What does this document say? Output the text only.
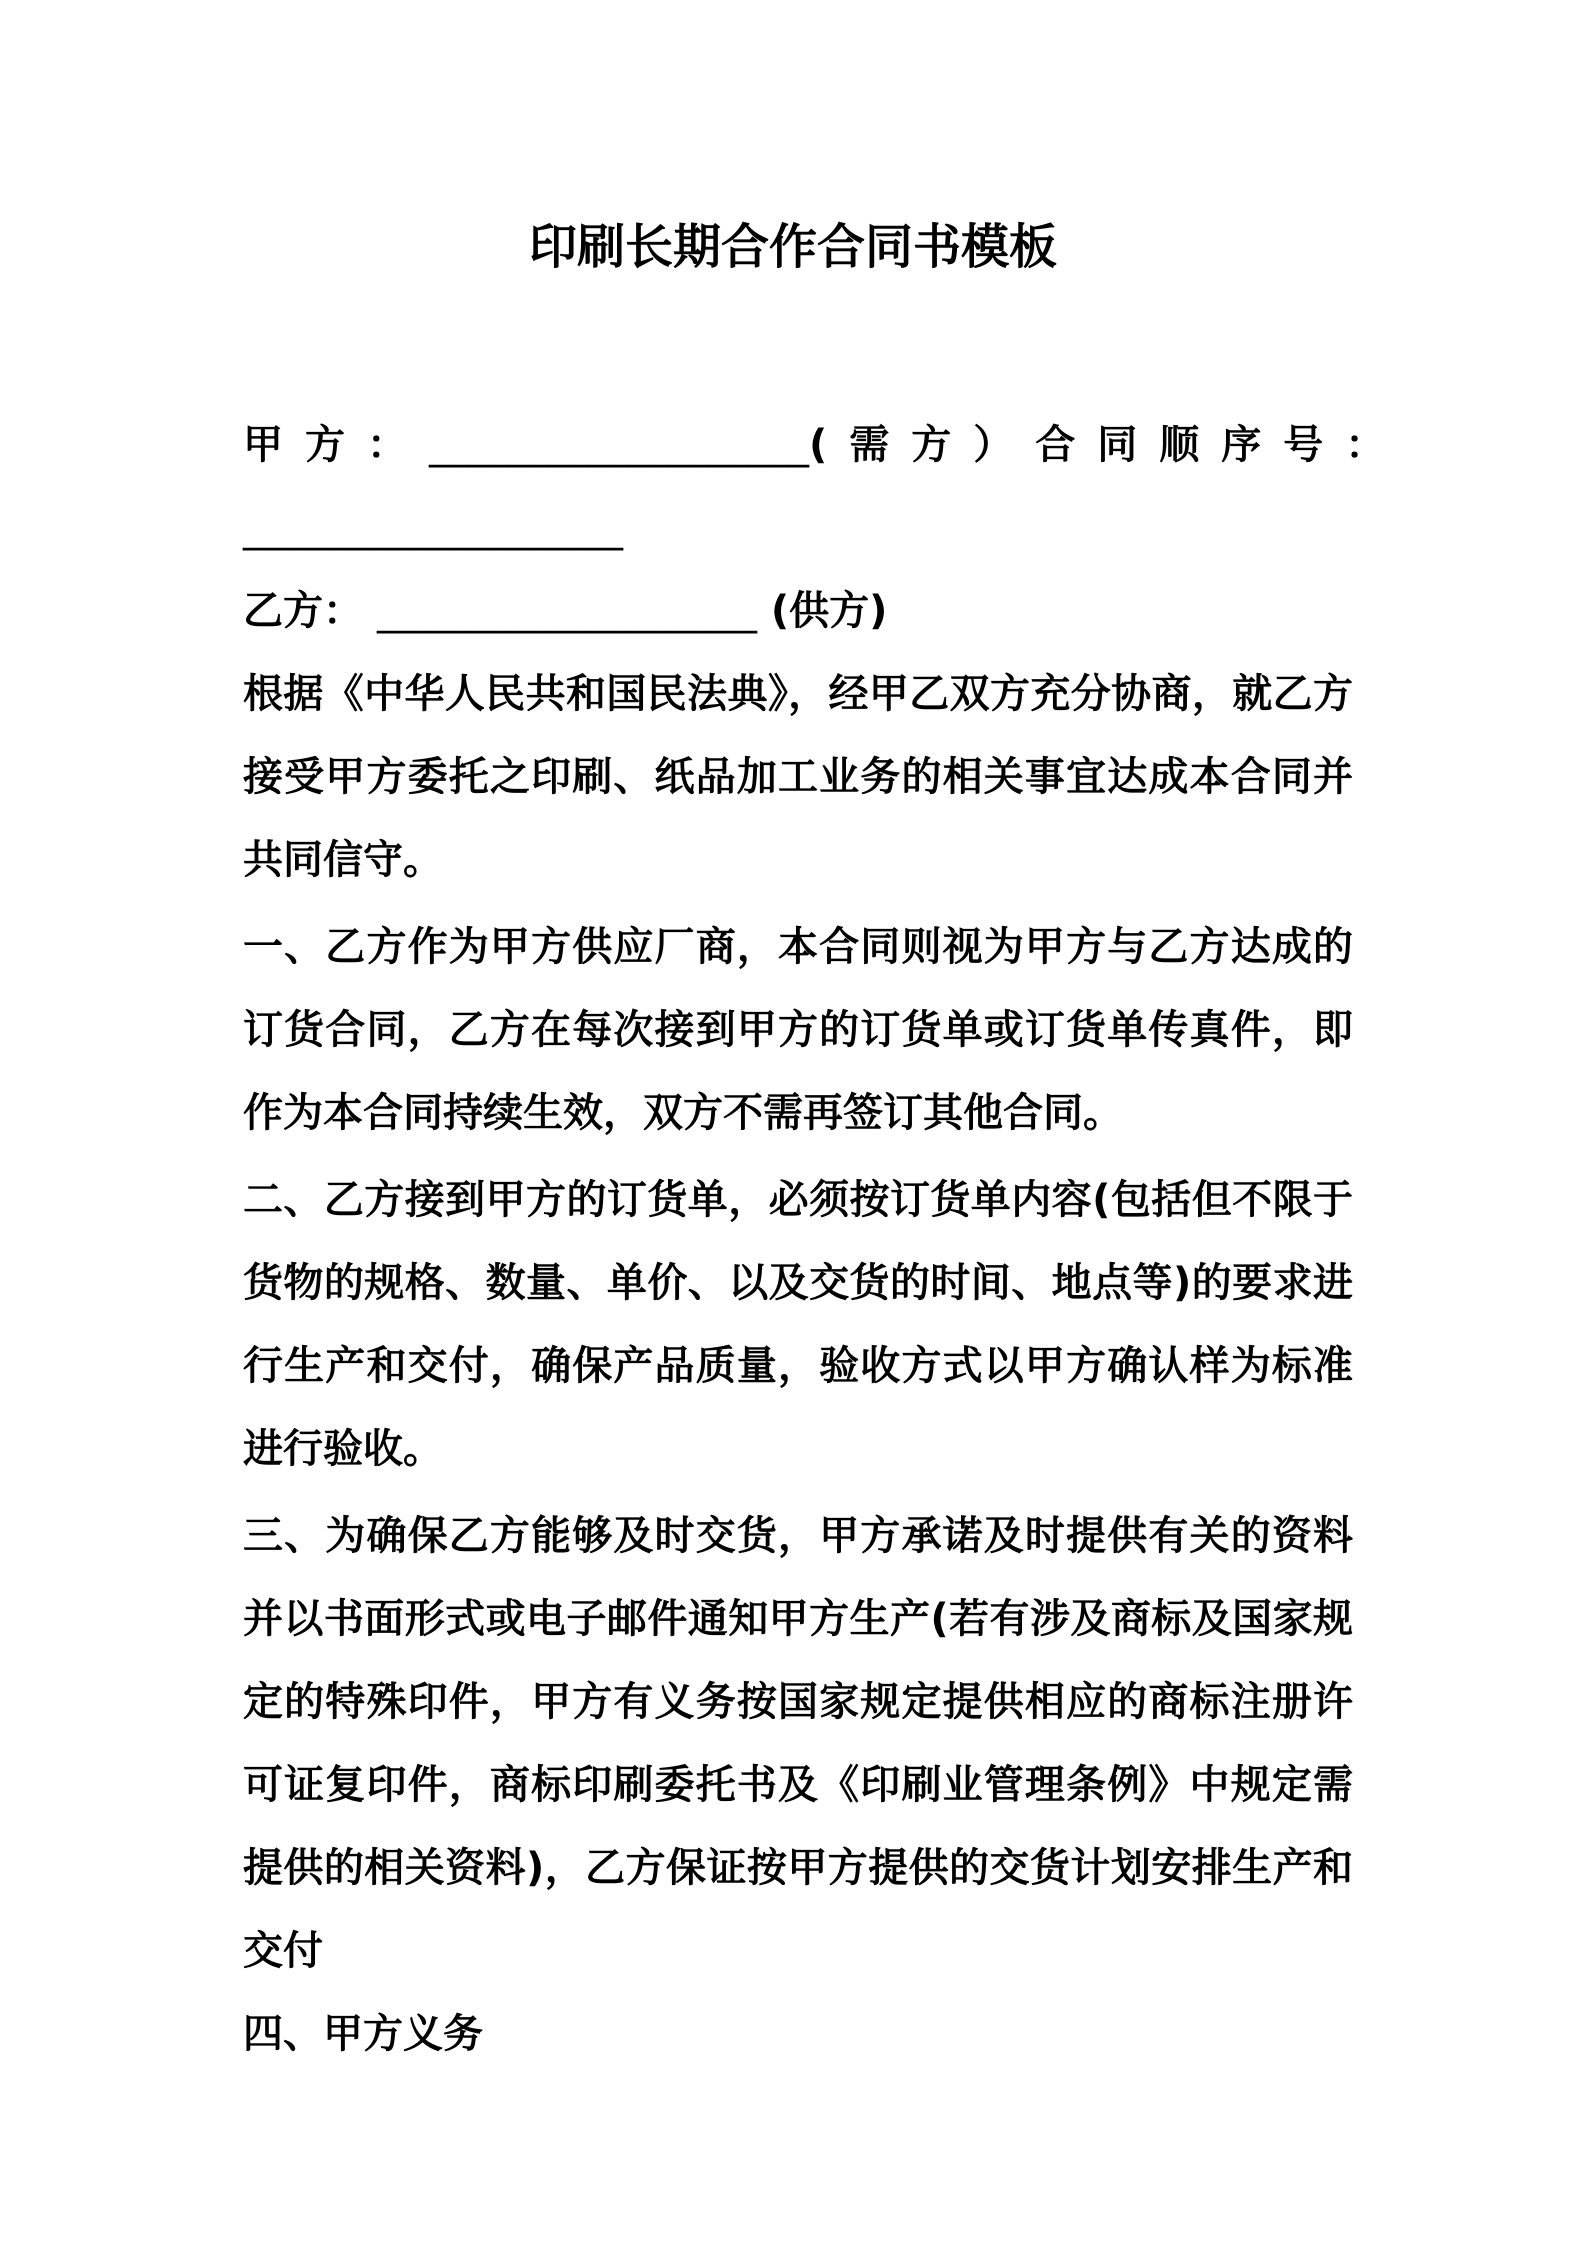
印刷长期合作合同书模板
甲方： ___________________ (需方） 合同顺序号：
___________________
乙方： ___________________ (供方)
根据《中华人民共和国民法典》，经甲乙双方充分协商，就乙方接受甲方委托之印刷、纸品加工业务的相关事宜达成本合同并共同信守。
一、乙方作为甲方供应厂商，本合同则视为甲方与乙方达成的订货合同，乙方在每次接到甲方的订货单或订货单传真件，即作为本合同持续生效，双方不需再签订其他合同。
二、乙方接到甲方的订货单，必须按订货单内容(包括但不限于货物的规格、数量、单价、以及交货的时间、地点等)的要求进行生产和交付，确保产品质量，验收方式以甲方确认样为标准进行验收。
三、为确保乙方能够及时交货，甲方承诺及时提供有关的资料并以书面形式或电子邮件通知甲方生产(若有涉及商标及国家规定的特殊印件，甲方有义务按国家规定提供相应的商标注册许可证复印件，商标印刷委托书及《印刷业管理条例》中规定需提供的相关资料)，乙方保证按甲方提供的交货计划安排生产和交付
四、甲方义务
